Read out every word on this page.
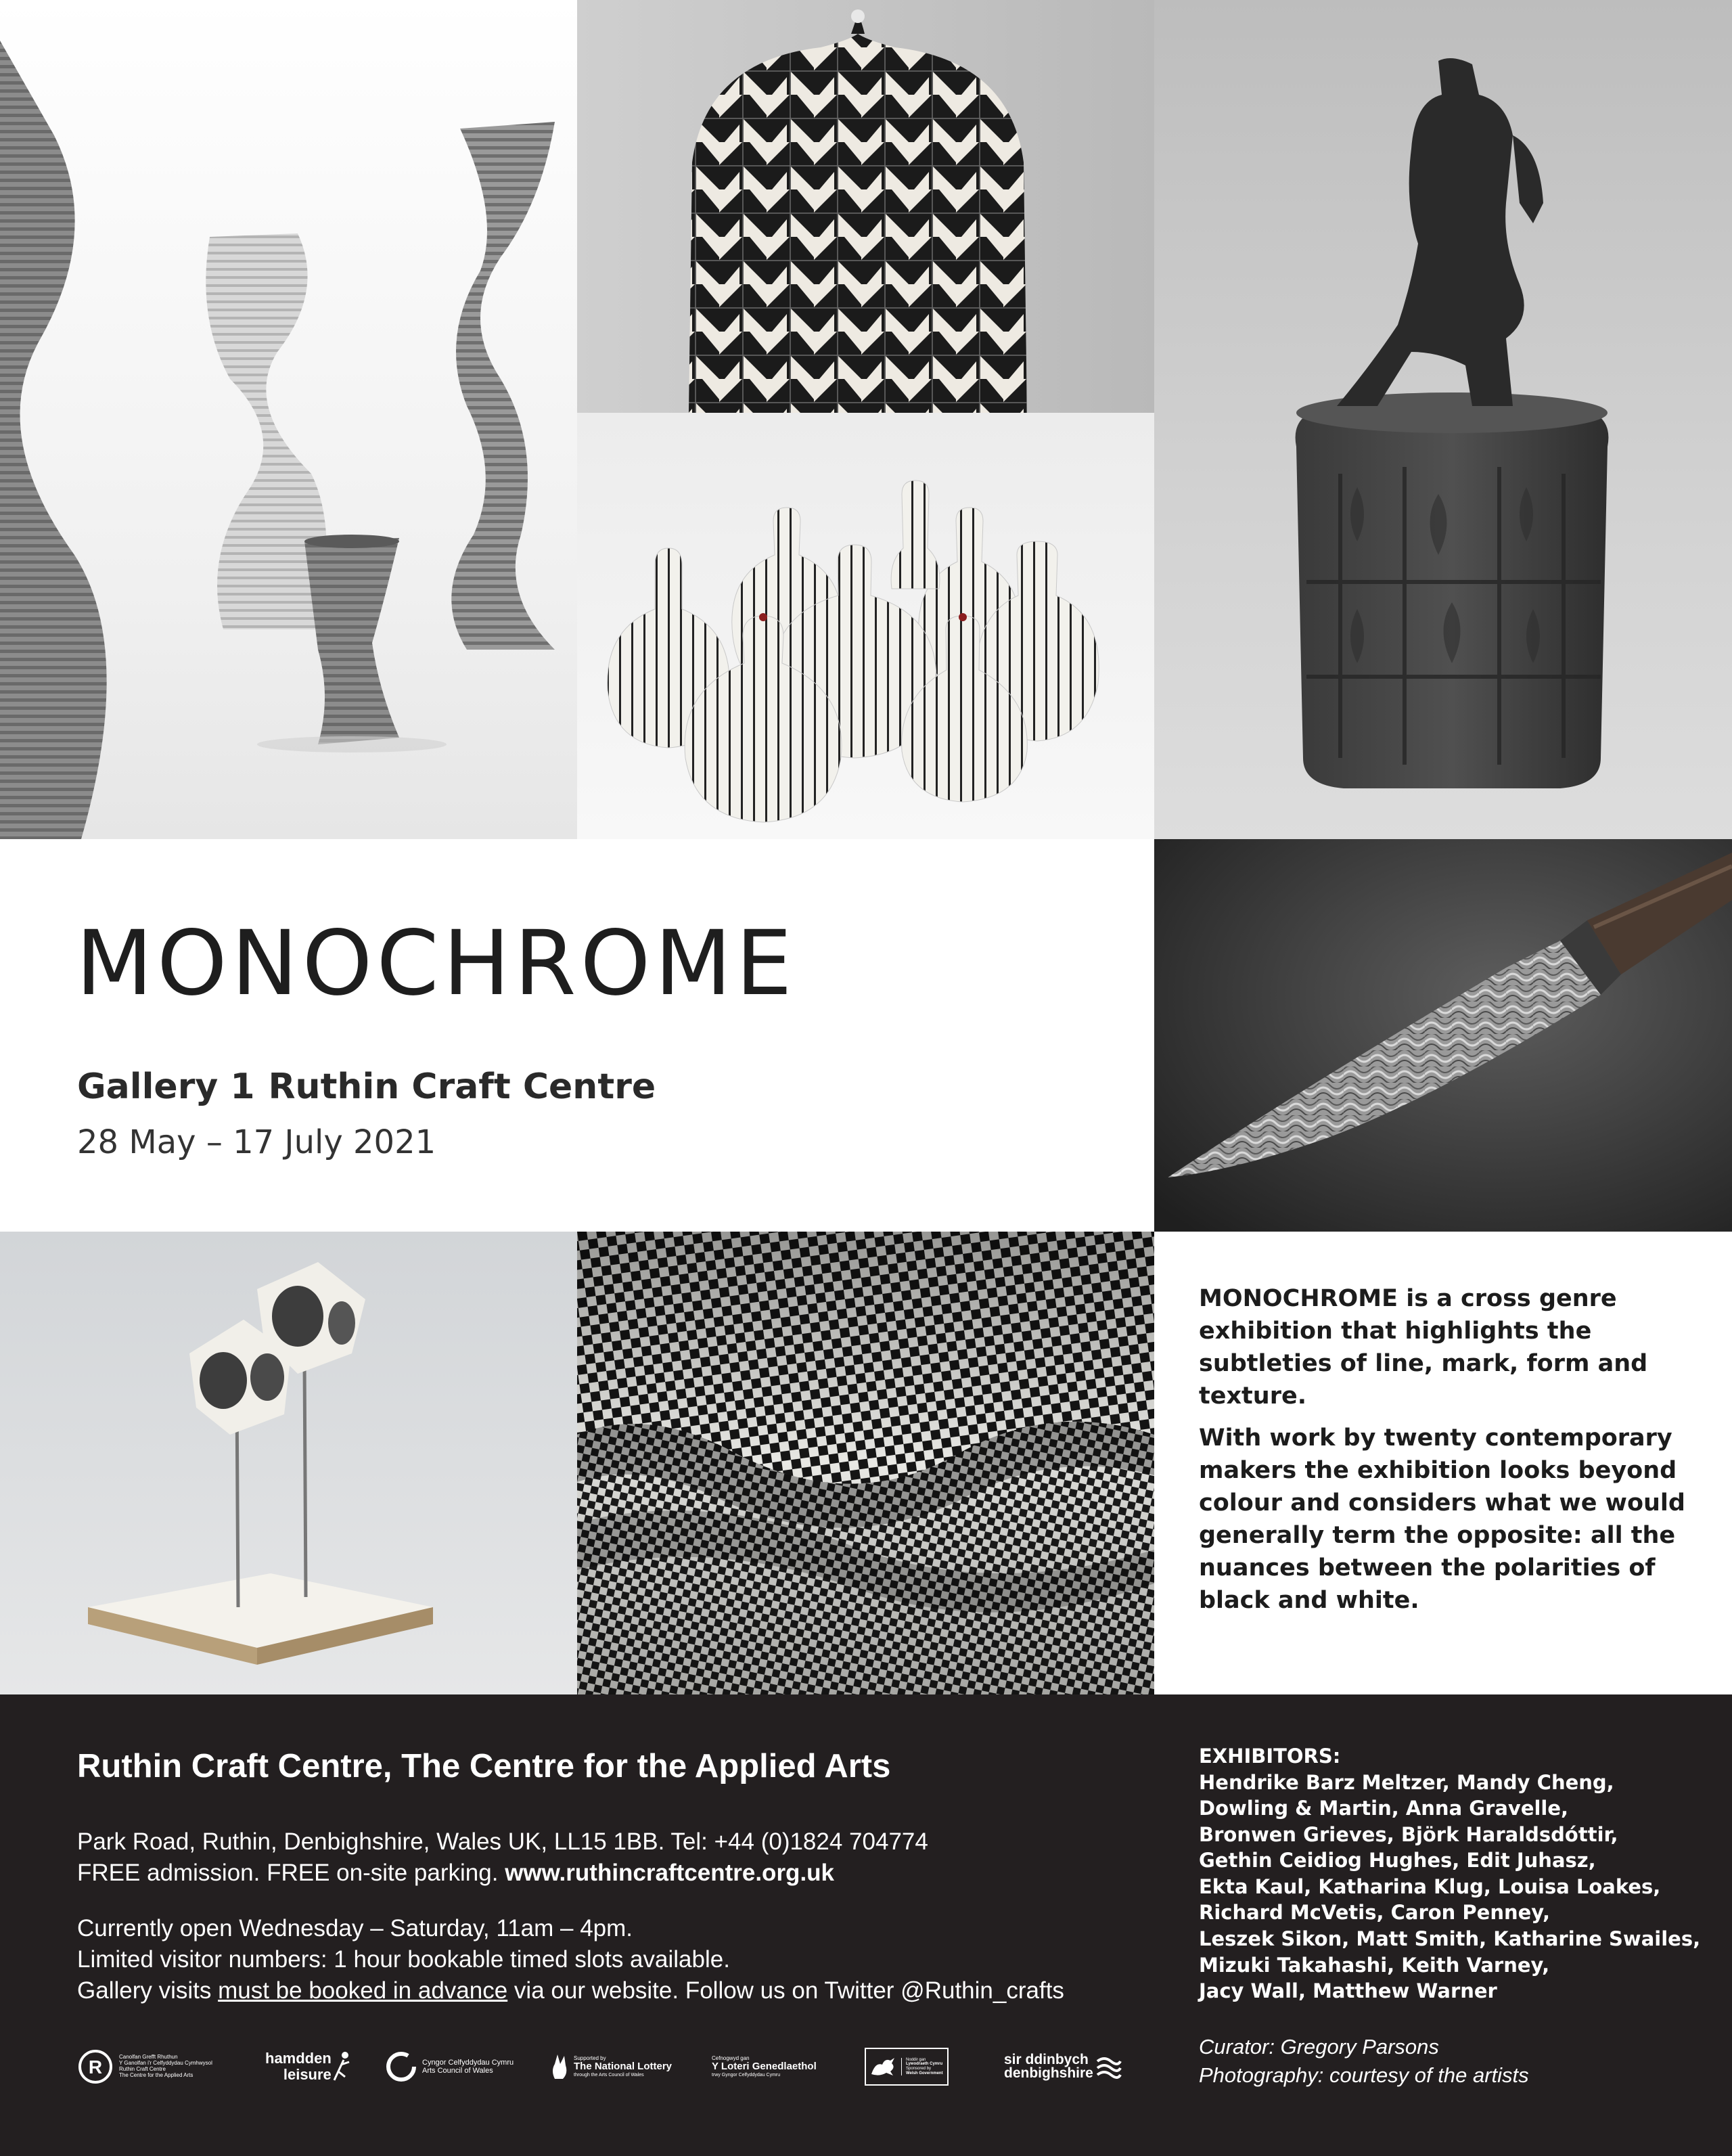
MONOCHROME
Gallery 1 Ruthin Craft Centre
28 May – 17 July 2021

MONOCHROME is a cross genre exhibition that highlights the subtleties of line, mark, form and texture.

With work by twenty contemporary makers the exhibition looks beyond colour and considers what we would generally term the opposite: all the nuances between the polarities of black and white.

Ruthin Craft Centre, The Centre for the Applied Arts
Park Road, Ruthin, Denbighshire, Wales UK, LL15 1BB. Tel: +44 (0)1824 704774
FREE admission. FREE on-site parking. www.ruthincraftcentre.org.uk
Currently open Wednesday – Saturday, 11am – 4pm.
Limited visitor numbers: 1 hour bookable timed slots available.
Gallery visits must be booked in advance via our website. Follow us on Twitter @Ruthin_crafts
EXHIBITORS:
Hendrike Barz Meltzer, Mandy Cheng,
Dowling & Martin, Anna Gravelle,
Bronwen Grieves, Björk Haraldsdóttir,
Gethin Ceidiog Hughes, Edit Juhasz,
Ekta Kaul, Katharina Klug, Louisa Loakes,
Richard McVetis, Caron Penney,
Leszek Sikon, Matt Smith, Katharine Swailes,
Mizuki Takahashi, Keith Varney,
Jacy Wall, Matthew Warner
Curator: Gregory Parsons
Photography: courtesy of the artists
R	Canolfan Grefft Rhuthun
Y Ganolfan i'r Celfyddydau Cymhwysol
Ruthin Craft Centre
The Centre for the Applied Arts
hamdden
leisure
Cyngor Celfyddydau Cymru
Arts Council of Wales
Supported by
The National Lottery
through the Arts Council of Wales
Cefnogwyd gan
Y Loteri Genedlaethol
trwy Gyngor Celfyddydau Cymru
Noddir gan
Lywodraeth Cymru
Sponsored by
Welsh Government
sir ddinbych
denbighshire
